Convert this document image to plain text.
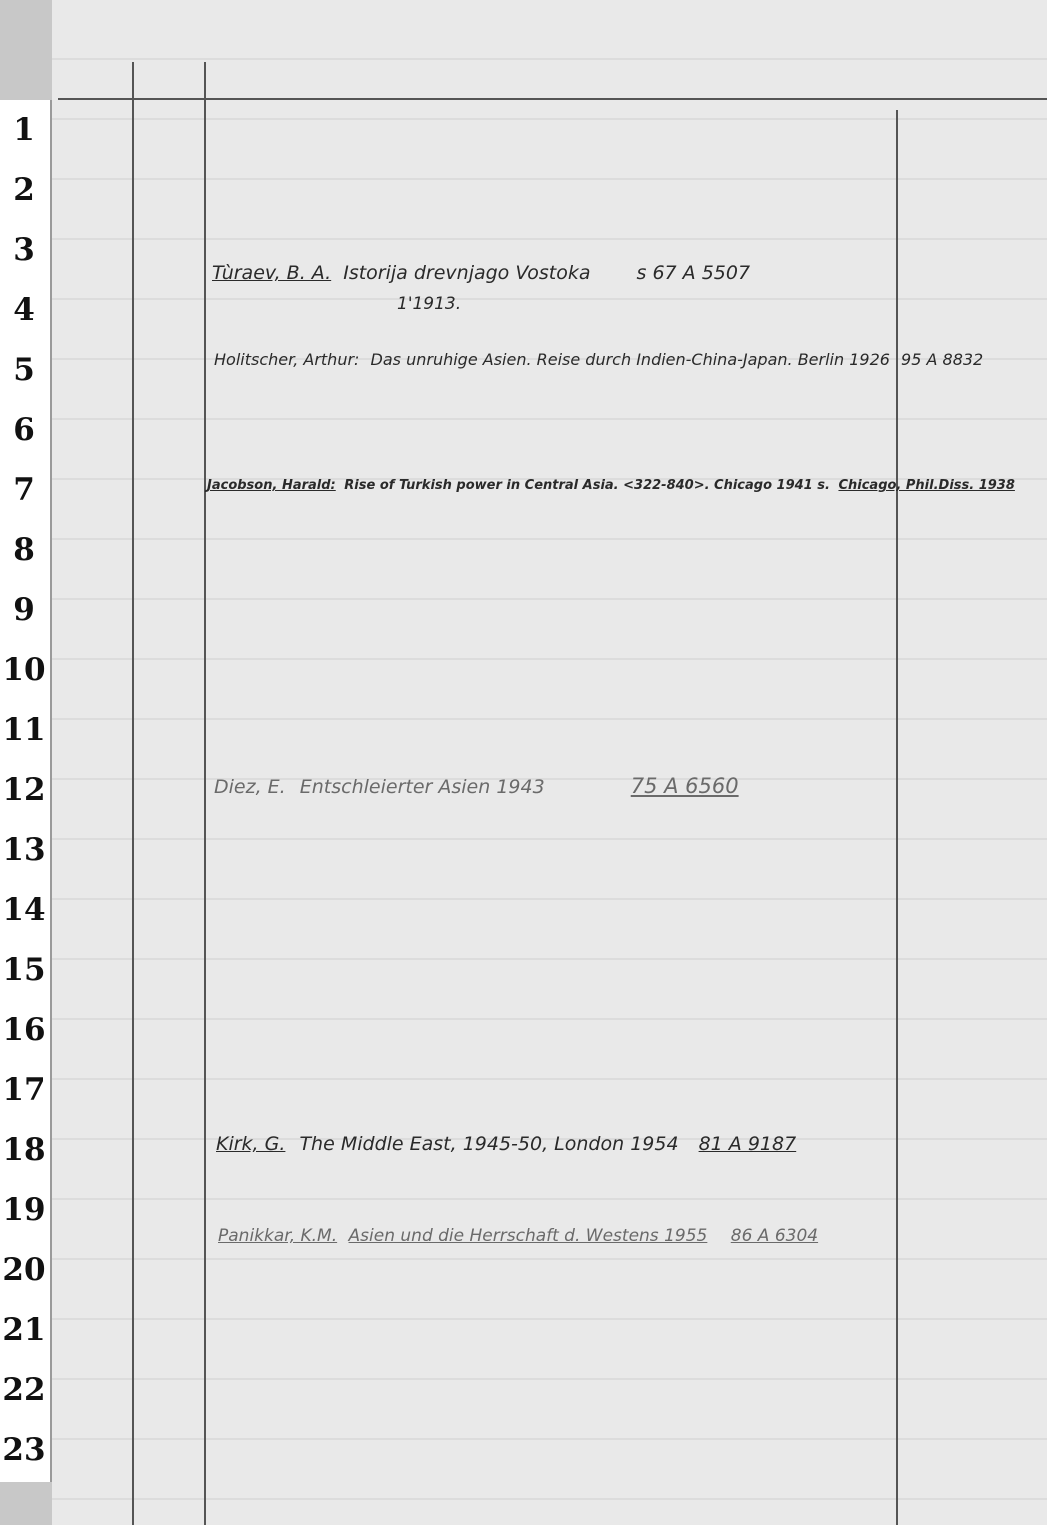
1
2
3
4
5
6
7
8
9
10
11
12
13
14
15
16
17
18
19
20
21
22
23
Tùraev, B. A. Istorija drevnjago Vostoka s 67 A 5507
1'1913.
Holitscher, Arthur: Das unruhige Asien. Reise durch Indien-China-Japan. Berlin 1926 95 A 8832
Jacobson, Harald: Rise of Turkish power in Central Asia. <322-840>. Chicago 1941 s. Chicago, Phil.Diss. 1938
Diez, E. Entschleierter Asien 1943	75 A 6560
Kirk, G. The Middle East, 1945-50, London 1954 81 A 9187
Panikkar, K.M. Asien und die Herrschaft d. Westens 1955 86 A 6304
